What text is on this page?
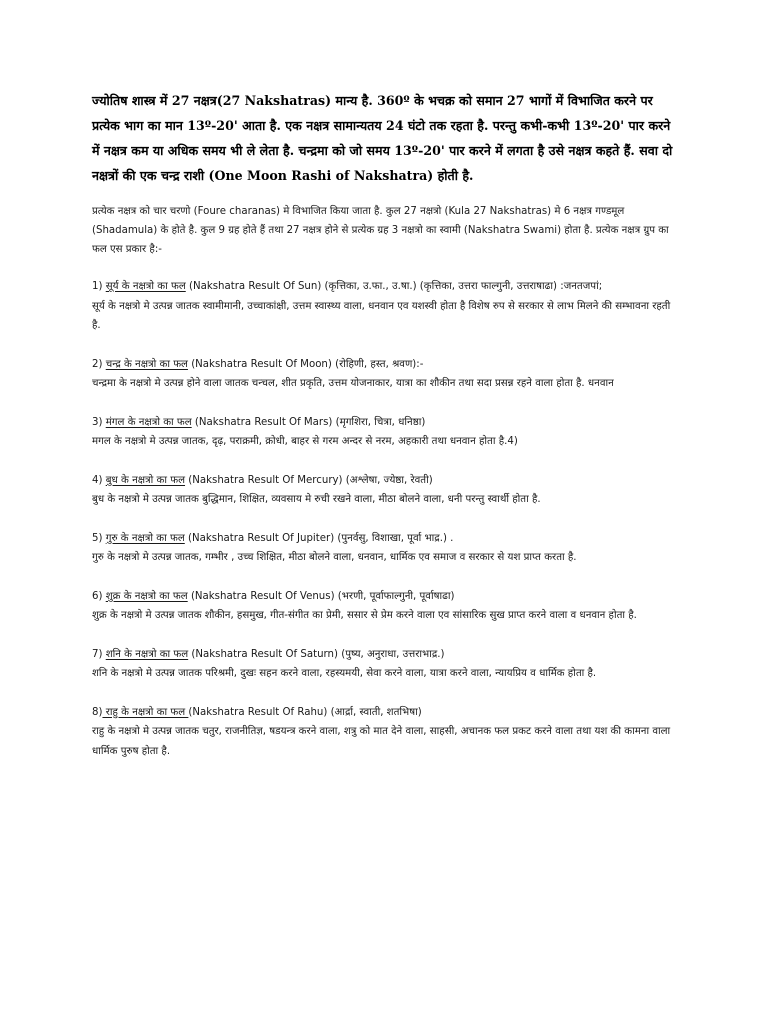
ज्योतिष शास्त्र में 27 नक्षत्र(27 Nakshatras) मान्य है. 360º के भचक्र को समान 27 भागों में विभाजित करने पर प्रत्येक भाग का मान 13º-20' आता है. एक नक्षत्र सामान्यतय 24 घंटो तक रहता है. परन्तु कभी-कभी 13º-20' पार करने में नक्षत्र कम या अधिक समय भी ले लेता है. चन्द्रमा को जो समय 13º-20' पार करने में लगता है उसे नक्षत्र कहते हैं. सवा दो नक्षत्रों की एक चन्द्र राशी (One Moon Rashi of Nakshatra) होती है.

प्रत्येक नक्षत्र को चार चरणो (Foure charanas) मे विभाजित किया जाता है. कुल 27 नक्षत्रो (Kula 27 Nakshatras) मे 6 नक्षत्र गण्डमूल (Shadamula) के होते है. कुल 9 ग्रह होते हैं तथा 27 नक्षत्र होने से प्रत्येक ग्रह 3 नक्षत्रो का स्वामी (Nakshatra Swami) होता है. प्रत्येक नक्षत्र ग्रुप का फल एस प्रकार है:-

1) सूर्य के नक्षत्रो का फल (Nakshatra Result Of Sun) (कृत्तिका, उ.फा., उ.षा.) (कृत्तिका, उत्तरा फाल्गुनी, उत्तराषाढा) :जनतजपां;
सूर्य के नक्षत्रो मे उत्पन्न जातक स्वामीमानी, उच्चाकांक्षी, उत्तम स्वास्थ्य वाला, धनवान एव यशस्वी होता है विशेष रुप से सरकार से लाभ मिलने की सम्भावना रहती है.
2) चन्द्र के नक्षत्रो का फल (Nakshatra Result Of Moon) (रोहिणी, हस्त, श्रवण):-
चन्द्रमा के नक्षत्रो मे उत्पन्न होने वाला जातक चन्चल, शीत प्रकृति, उत्तम योजनाकार, यात्रा का शौकीन तथा सदा प्रसन्न रहने वाला होता है. धनवान
3) मंगल के नक्षत्रो का फल (Nakshatra Result Of Mars) (मृगशिरा, चित्रा, धनिष्ठा)
मगल के नक्षत्रो मे उत्पन्न जातक, दृढ़, पराक्रमी, क्रोधी, बाहर से गरम अन्दर से नरम, अहकारी तथा धनवान होता है.4)
4) बुध के नक्षत्रो का फल (Nakshatra Result Of Mercury) (अश्लेषा, ज्येष्ठा, रेवती)
बुध के नक्षत्रो मे उत्पन्न जातक बुद्धिमान, शिक्षित, व्यवसाय मे रुची रखने वाला, मीठा बोलने वाला, धनी परन्तु स्वार्थी होता है.
5) गुरु के नक्षत्रो का फल (Nakshatra Result Of Jupiter) (पुनर्वसु, विशाखा, पूर्वा भाद्र.) .
गुरु के नक्षत्रो मे उत्पन्न जातक, गम्भीर , उच्च शिक्षित, मीठा बोलने वाला, धनवान, धार्मिक एव समाज व सरकार से यश प्राप्त करता है.
6) शुक्र के नक्षत्रो का फल (Nakshatra Result Of Venus) (भरणी, पूर्वाफाल्गुनी, पूर्वाषाढा)
शुक्र के नक्षत्रो मे उत्पन्न जातक शौकीन, हसमुख, गीत-संगीत का प्रेमी, ससार से प्रेम करने वाला एव सांसारिक सुख प्राप्त करने वाला व धनवान होता है.
7) शनि के नक्षत्रो का फल (Nakshatra Result Of Saturn) (पुष्य, अनुराधा, उत्तराभाद्र.)
शनि के नक्षत्रो मे उत्पन्न जातक परिश्रमी, दुखः सहन करने वाला, रहस्यमयी, सेवा करने वाला, यात्रा करने वाला, न्यायप्रिय व धार्मिक होता है.
8) राहु के नक्षत्रो का फल (Nakshatra Result Of Rahu) (आर्द्रा, स्वाती, शतभिषा)
राहु के नक्षत्रो मे उत्पन्न जातक चतुर, राजनीतिज्ञ, षडयन्त्र करने वाला, शत्रु को मात देने वाला, साहसी, अचानक फल प्रकट करने वाला तथा यश की कामना वाला धार्मिक पुरुष होता है.
